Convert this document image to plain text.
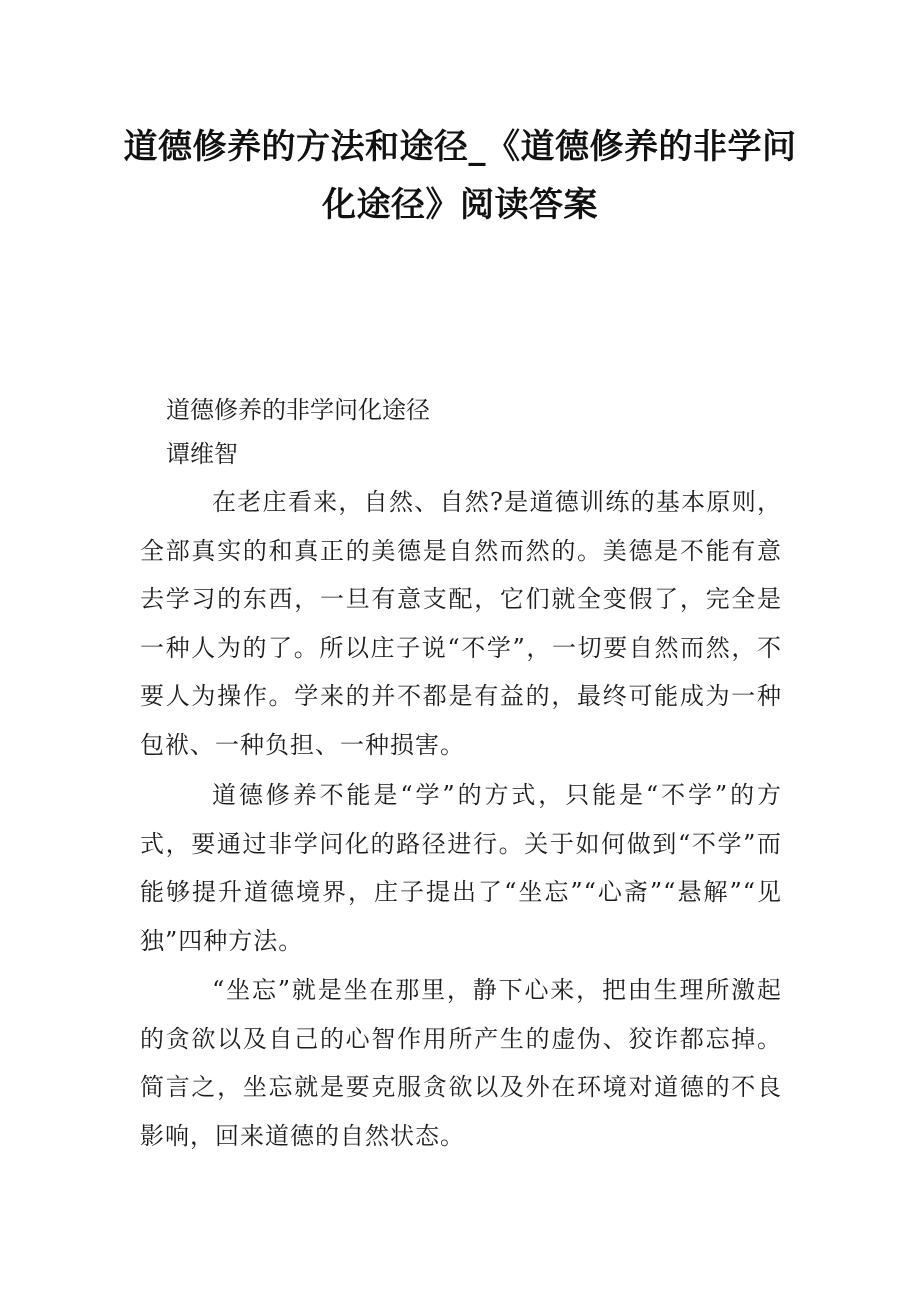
道德修养的方法和途径_《道德修养的非学问化途径》阅读答案

道德修养的非学问化途径

谭维智

在老庄看来，自然、自然?是道德训练的基本原则，全部真实的和真正的美德是自然而然的。美德是不能有意去学习的东西，一旦有意支配，它们就全变假了，完全是一种人为的了。所以庄子说“不学”，一切要自然而然，不要人为操作。学来的并不都是有益的，最终可能成为一种包袱、一种负担、一种损害。

道德修养不能是“学”的方式，只能是“不学”的方式，要通过非学问化的路径进行。关于如何做到“不学”而能够提升道德境界，庄子提出了“坐忘”“心斋”“悬解”“见独”四种方法。

“坐忘”就是坐在那里，静下心来，把由生理所激起的贪欲以及自己的心智作用所产生的虚伪、狡诈都忘掉。简言之，坐忘就是要克服贪欲以及外在环境对道德的不良影响，回来道德的自然状态。
